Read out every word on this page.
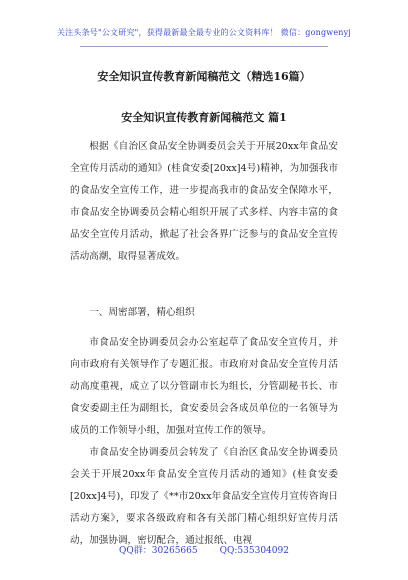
关注头条号"公文研究"，获得最新最全最专业的公文资料库！ 微信：gongwenyj
安全知识宣传教育新闻稿范文（精选16篇）
安全知识宣传教育新闻稿范文 篇1

根据《自治区食品安全协调委员会关于开展20xx年食品安全宣传月活动的通知》(桂食安委[20xx]4号)精神，为加强我市的食品安全宣传工作，进一步提高我市的食品安全保障水平，市食品安全协调委员会精心组织开展了式多样、内容丰富的食品安全宣传月活动，掀起了社会各界广泛参与的食品安全宣传活动高潮，取得显著成效。

一、周密部署，精心组织

市食品安全协调委员会办公室起草了食品安全宣传月，并向市政府有关领导作了专题汇报。市政府对食品安全宣传月活动高度重视，成立了以分管副市长为组长，分管副秘书长、市食安委副主任为副组长，食安委员会各成员单位的一名领导为成员的工作领导小组，加强对宣传工作的领导。

市食品安全协调委员会转发了《自治区食品安全协调委员会关于开展20xx年食品安全宣传月活动的通知》(桂食安委[20xx]4号)，印发了《**市20xx年食品安全宣传月宣传咨询日活动方案》，要求各级政府和各有关部门精心组织好宣传月活动，加强协调，密切配合，通过报纸、电视

QQ群：30265665 QQ:535304092
